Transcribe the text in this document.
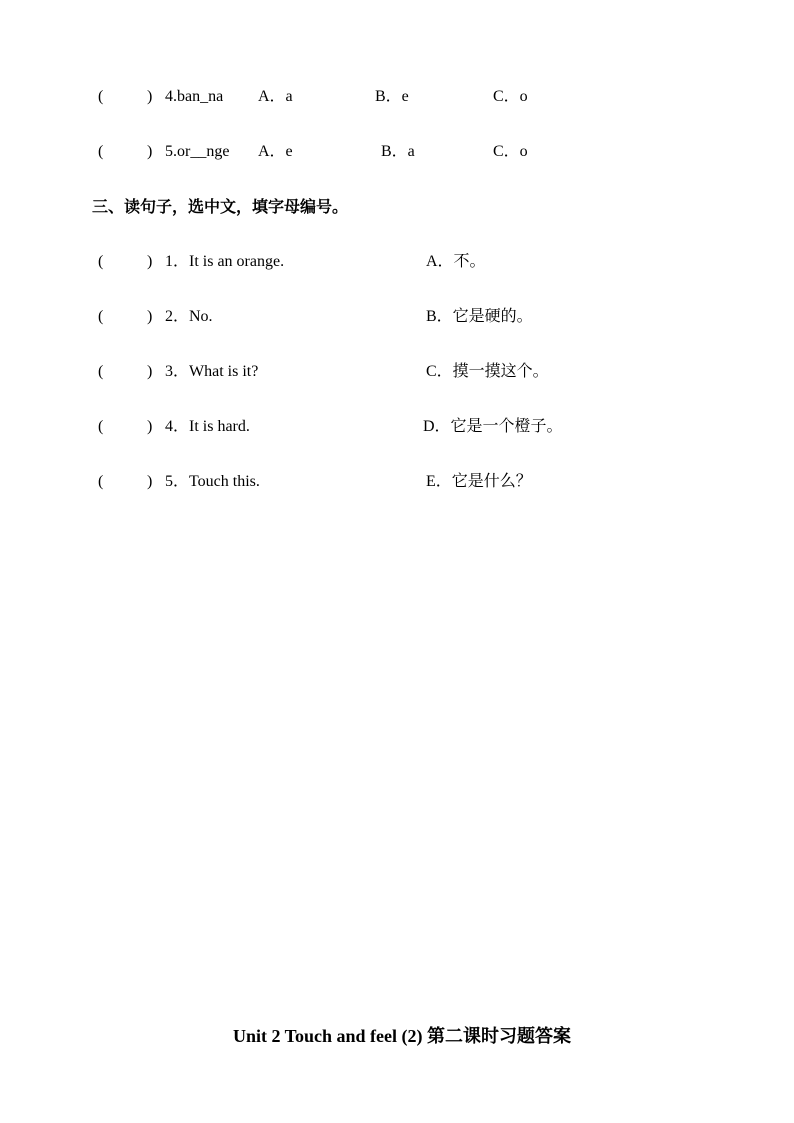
(	) 4.ban_na A．a	B．e	C．o
(	) 5.or__nge A．e	B．a	C．o
三、读句子，选中文，填字母编号。
(	) 1．It is an orange.	A．不。
(	) 2．No.	B．它是硬的。
(	) 3．What is it?	C．摸一摸这个。
(	) 4．It is hard.	D．它是一个橙子。
(	) 5．Touch this.	E．它是什么？
Unit 2 Touch and feel (2) 第二课时习题答案
